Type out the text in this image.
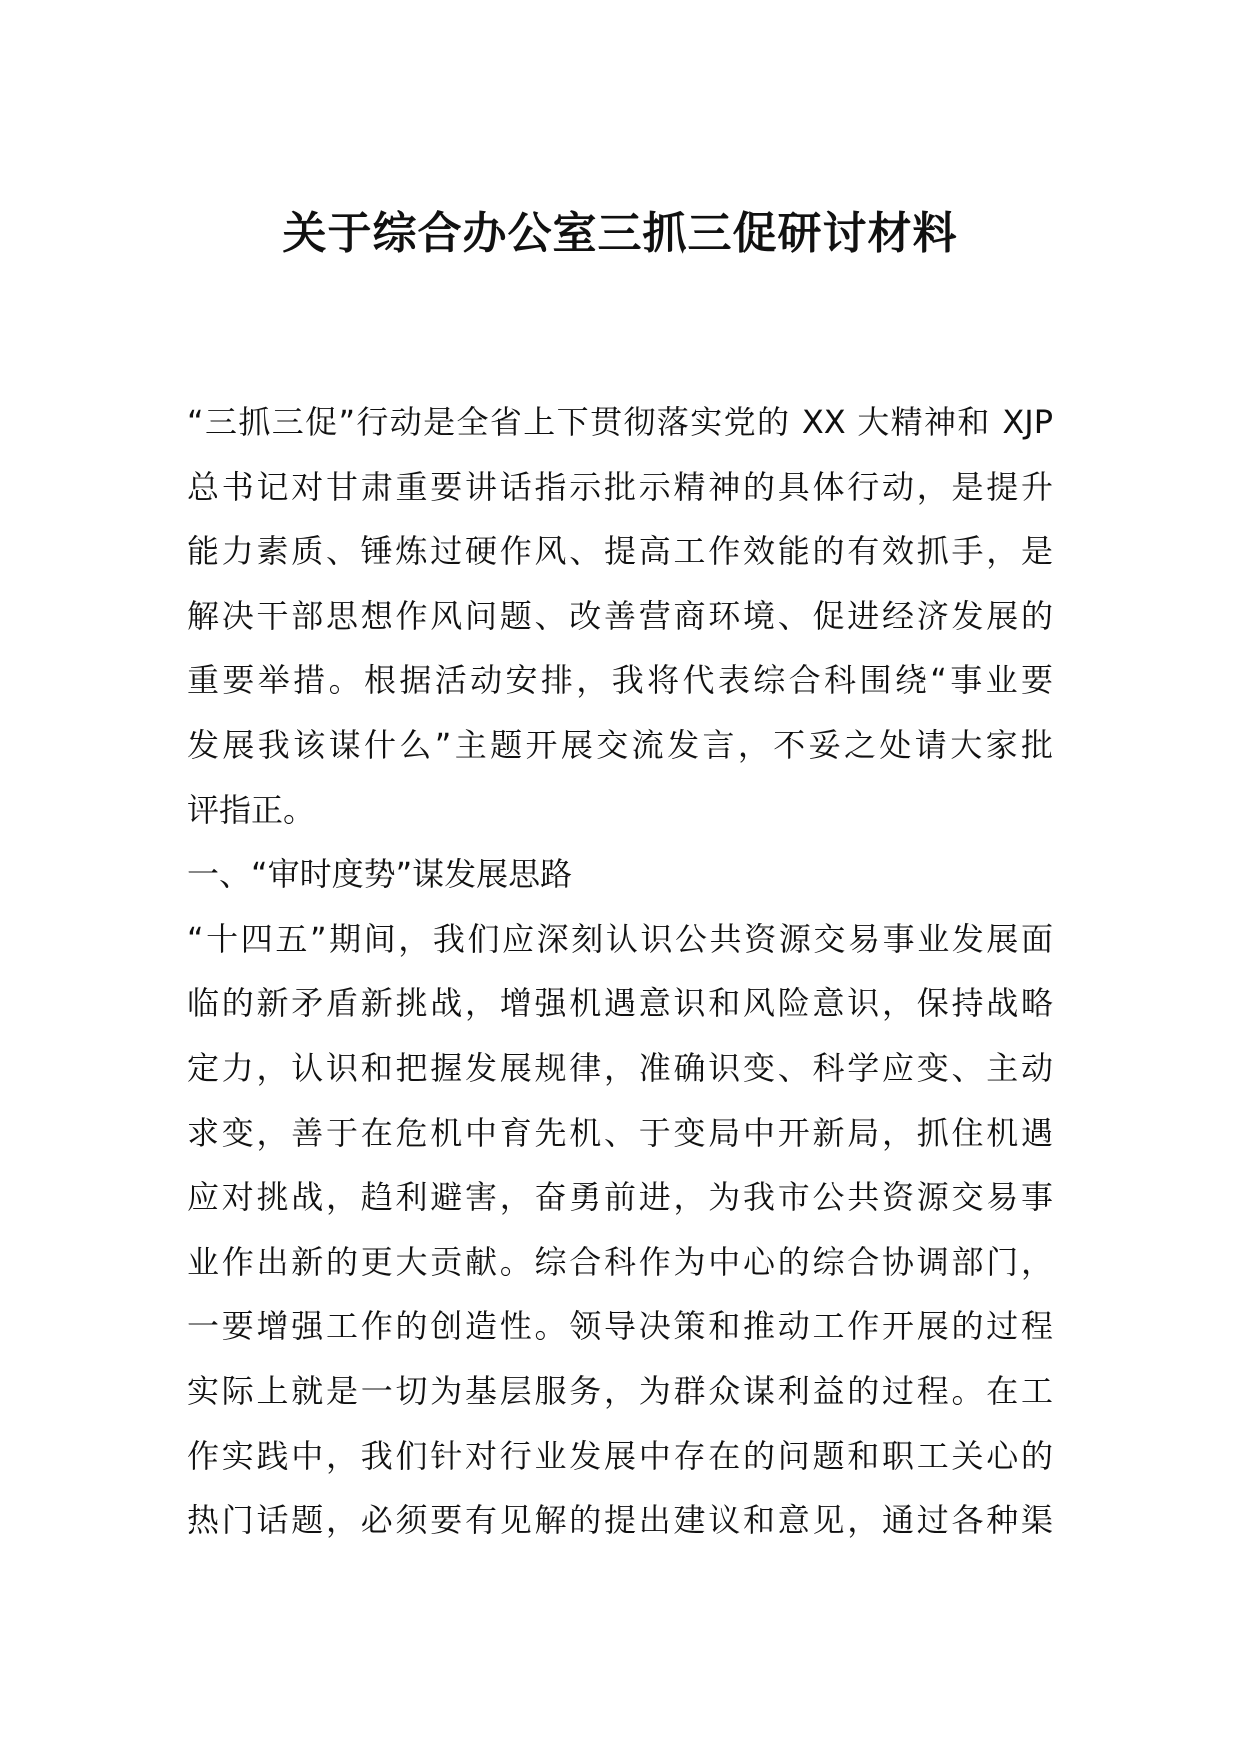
关于综合办公室三抓三促研讨材料
“三抓三促”行动是全省上下贯彻落实党的 XX 大精神和 XJP
总书记对甘肃重要讲话指示批示精神的具体行动，是提升
能力素质、锤炼过硬作风、提高工作效能的有效抓手，是
解决干部思想作风问题、改善营商环境、促进经济发展的
重要举措。根据活动安排，我将代表综合科围绕“事业要
发展我该谋什么”主题开展交流发言，不妥之处请大家批
评指正。
一、“审时度势”谋发展思路
“十四五”期间，我们应深刻认识公共资源交易事业发展面
临的新矛盾新挑战，增强机遇意识和风险意识，保持战略
定力，认识和把握发展规律，准确识变、科学应变、主动
求变，善于在危机中育先机、于变局中开新局，抓住机遇
应对挑战，趋利避害，奋勇前进，为我市公共资源交易事
业作出新的更大贡献。综合科作为中心的综合协调部门，
一要增强工作的创造性。领导决策和推动工作开展的过程
实际上就是一切为基层服务，为群众谋利益的过程。在工
作实践中，我们针对行业发展中存在的问题和职工关心的
热门话题，必须要有见解的提出建议和意见，通过各种渠
